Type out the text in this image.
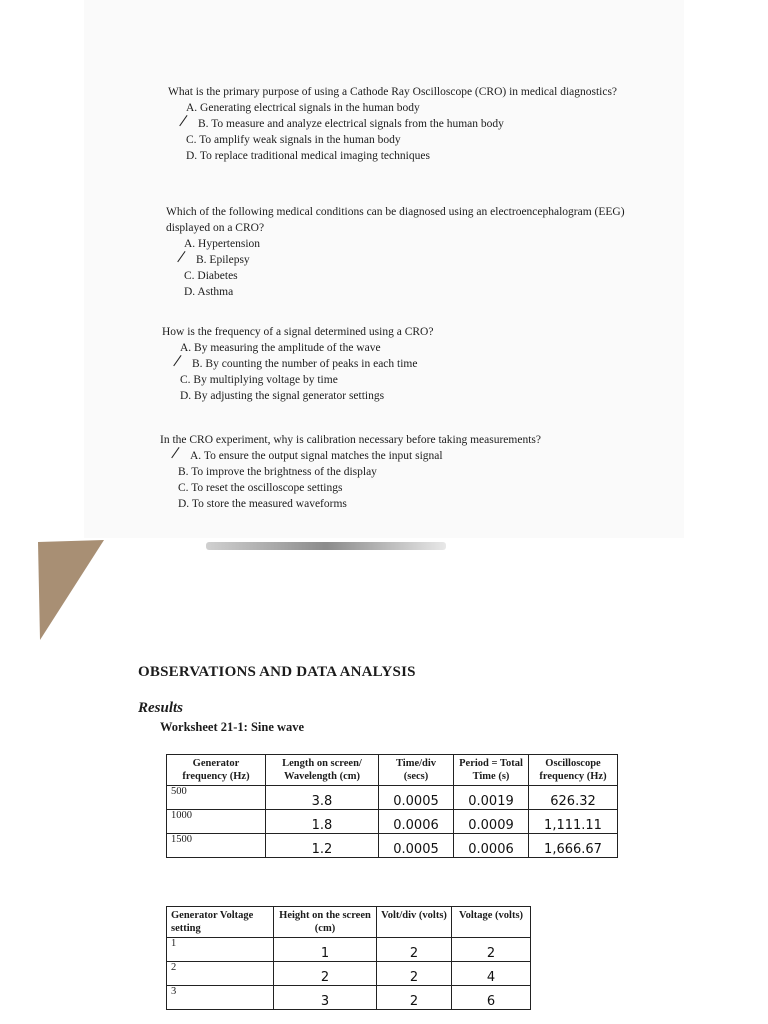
What is the primary purpose of using a Cathode Ray Oscilloscope (CRO) in medical diagnostics?
A. Generating electrical signals in the human body
B. To measure and analyze electrical signals from the human body
C. To amplify weak signals in the human body
D. To replace traditional medical imaging techniques
Which of the following medical conditions can be diagnosed using an electroencephalogram (EEG) displayed on a CRO?
A. Hypertension
B. Epilepsy
C. Diabetes
D. Asthma
How is the frequency of a signal determined using a CRO?
A. By measuring the amplitude of the wave
B. By counting the number of peaks in each time
C. By multiplying voltage by time
D. By adjusting the signal generator settings
In the CRO experiment, why is calibration necessary before taking measurements?
A. To ensure the output signal matches the input signal
B. To improve the brightness of the display
C. To reset the oscilloscope settings
D. To store the measured waveforms
OBSERVATIONS AND DATA ANALYSIS
Results
Worksheet 21-1: Sine wave
Generator frequency (Hz)	Length on screen/ Wavelength (cm)	Time/div (secs)	Period = Total Time (s)	Oscilloscope frequency (Hz)
500	3.8	0.0005	0.0019	626.32
1000	1.8	0.0006	0.0009	1,111.11
1500	1.2	0.0005	0.0006	1,666.67
Generator Voltage setting	Height on the screen (cm)	Volt/div (volts)	Voltage (volts)
1	1	2	2
2	2	2	4
3	3	2	6
